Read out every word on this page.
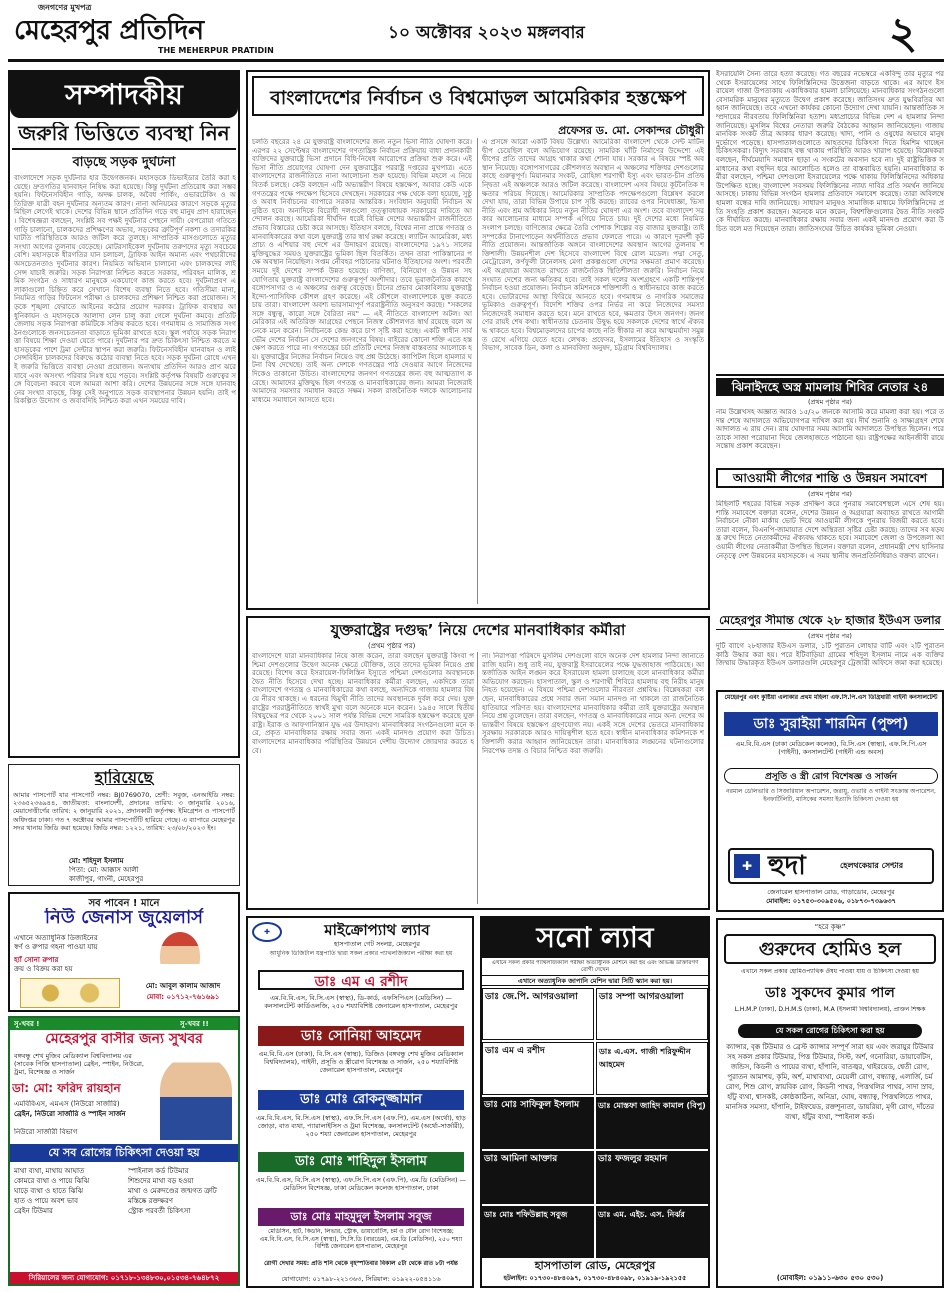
জনগণের মুখপত্র
মেহেরপুর প্রতিদিন
THE MEHERPUR PRATIDIN
১০ অক্টোবর ২০২৩ মঙ্গলবার	২
সম্পাদকীয়
জরুরি ভিত্তিতে ব্যবস্থা নিন
বাড়ছে সড়ক দুর্ঘটনা
বাংলাদেশে সড়ক দুর্ঘটনার হার উদ্বেগজনক। মহাসড়কে ডিভাইডার তৈরি করা হয়েছে। দ্রুতগতির যানবাহন নিষিদ্ধ করা হয়েছে। কিন্তু দুর্ঘটনা প্রতিরোধ করা সম্ভব হয়নি। ফিটনেসবিহীন গাড়ি, অদক্ষ চালক, অবৈধ পার্কিং, ওভারটেকিং ও অতিরিক্ত যাত্রী বহন দুর্ঘটনার অন্যতম কারণ। নানা অনিয়মের কারণে সড়কে মৃত্যুর মিছিল লেগেই থাকে। দেশের বিভিন্ন স্থানে প্রতিদিন গড়ে বহু মানুষ প্রাণ হারাচ্ছেন। বিশেষজ্ঞরা বলছেন, সংশ্লিষ্ট সব পক্ষই দুর্ঘটনার পেছনে দায়ী। বেপরোয়া গতিতে গাড়ি চালানো, চালকদের প্রশিক্ষণের অভাব, সড়কের ত্রুটিপূর্ণ নকশা ও তদারকির ঘাটতি পরিস্থিতিকে আরও জটিল করে তুলছে। সাম্প্রতিক মাসগুলোতে মৃত্যুর সংখ্যা আগের তুলনায় বেড়েছে। মোটরসাইকেল দুর্ঘটনায় তরুণদের মৃত্যু সবচেয়ে বেশি। মহাসড়কে ধীরগতির যান চলাচল, ট্রাফিক আইন অমান্য এবং পথচারীদের অসচেতনতাও দুর্ঘটনার কারণ। নিয়মিত অভিযান চালানো এবং চালকদের লাইসেন্স যাচাই জরুরি। সড়ক নিরাপত্তা নিশ্চিত করতে সরকার, পরিবহন মালিক, শ্রমিক সংগঠন ও সাধারণ মানুষকে একযোগে কাজ করতে হবে। দুর্ঘটনাপ্রবণ এলাকাগুলো চিহ্নিত করে সেখানে বিশেষ ব্যবস্থা নিতে হবে। গতিসীমা মানা, নিয়মিত গাড়ির ফিটনেস পরীক্ষা ও চালকদের প্রশিক্ষণ নিশ্চিত করা প্রয়োজন। সড়কে শৃঙ্খলা ফেরাতে আইনের কঠোর প্রয়োগ দরকার। ট্রাফিক ব্যবস্থার আধুনিকায়ন ও মহাসড়কে আলাদা লেন চালু করা গেলে দুর্ঘটনা কমবে। প্রতিটি জেলায় সড়ক নিরাপত্তা কমিটিকে সক্রিয় করতে হবে। গণমাধ্যম ও সামাজিক সংগঠনগুলোকে জনসচেতনতা বাড়াতে ভূমিকা রাখতে হবে। স্কুল পর্যায়ে সড়ক নিরাপত্তা বিষয়ে শিক্ষা দেওয়া যেতে পারে। দুর্ঘটনার পর দ্রুত চিকিৎসা নিশ্চিত করতে মহাসড়কের পাশে ট্রমা সেন্টার স্থাপন করা জরুরি। ফিটনেসবিহীন যানবাহন ও লাইসেন্সবিহীন চালকদের বিরুদ্ধে কঠোর ব্যবস্থা নিতে হবে। সড়ক দুর্ঘটনা রোধে এখনই জরুরি ভিত্তিতে ব্যবস্থা নেওয়া প্রয়োজন। অন্যথায় প্রতিদিন আরও প্রাণ ঝরে যাবে এবং অসংখ্য পরিবার নিঃস্ব হয়ে পড়বে। সংশ্লিষ্ট কর্তৃপক্ষ বিষয়টি গুরুত্বের সঙ্গে বিবেচনা করবে বলে আমরা আশা করি। দেশের উন্নয়নের সঙ্গে সঙ্গে যানবাহনের সংখ্যা বাড়ছে, কিন্তু সেই অনুপাতে সড়ক ব্যবস্থাপনার উন্নয়ন হয়নি। তাই পরিকল্পিত উদ্যোগ ও জবাবদিহি নিশ্চিত করা এখন সময়ের দাবি।
হারিয়েছে
আমার পাসপোর্ট যার পাসপোর্ট নম্বর: BJ0769070, শ্রেণী: সবুজ, এনআইডি নম্বর: ২৩৬৫২৩৬৯৪৪, জাতীয়তা: বাংলাদেশী, প্রদানের তারিখ: ৩ জানুয়ারি ২০১৬, মেয়াদোত্তীর্ণের তারিখ: ২ জানুয়ারি ২০২১, প্রদানকারী কর্তৃপক্ষ: ইমিগ্রেশন ও পাসপোর্ট অধিদপ্তর ঢাকা। গত ৭ অক্টোবর আমার পাসপোর্টটি হারিয়ে গেছে। এ ব্যাপারে মেহেরপুর সদর থানায় জিডি করা হয়েছে। জিডি নম্বর: ১২২১, তারিখ: ২৩/০৮/২০২৩ ইং।
মো: শহিদুল ইসলাম
পিতা: মো: আক্কাস আলী
কাজীপুর, গাংনী, মেহেরপুর
সব পাবেন ! মানে
নিউ জেনাস জুয়েলার্স
এখানে অত্যাধুনিক ডিজাইনের
স্বর্ণ ও রুপার গহনা পাওয়া যায়
হ্যাঁ সোনা রুপার
ক্রয় ও বিক্রয় করা হয়
মো: আবুল কালাম আজাদ
মোবা: ০১৭১২-৭৬১৬৯১
সু-খবর !	সু-খবর !!
মেহেরপুর বাসীর জন্য সুখবর
বঙ্গবন্ধু শেখ মুজিব মেডিক্যাল বিশ্ববিদ্যালয় এর (সাবেক পিজি হাসপাতাল) ব্রেইন, স্পাইন, নিউরো, ট্রমা, বিশেষজ্ঞ ও সার্জন
ডা: মো: ফরিদ রায়হান
এমবিবিএস, এমএস (নিউরো সার্জারি)
ব্রেইন, নিউরো সার্জারি ও স্পাইন সার্জন
নিউরো সার্জারী বিভাগ
যে সব রোগের চিকিৎসা দেওয়া হয়
মাথা ব্যথা, মাথায় আঘাত
কোমরে ব্যথা ও পায়ে ঝিঝি
ঘাড়ে ব্যথা ও হাতে ঝিঝি
হাত ও পায়ে অবশ ভাব
ব্রেইন টিউমার
স্পাইনাল কর্ড টিউমার
শিশুদের মাথা বড় হওয়া
মাথা ও মেরুদণ্ডের জন্মগত ত্রুটি
মস্তিষ্কে রক্তক্ষরণ
স্ট্রোক পরবর্তী চিকিৎসা
সিরিয়ালের জন্য যোগাযোগ: ০১৭১৮-১৩৪৮৩০,০১৫৩৪-৭৬৪৮৭২
বাংলাদেশের নির্বাচন ও বিশ্বমোড়ল আমেরিকার হস্তক্ষেপ
প্রফেসর ড. মো. সেকান্দর চৌধুরী
চলতি বছরের ২৪ মে যুক্তরাষ্ট্র বাংলাদেশের জন্য নতুন ভিসা নীতি ঘোষণা করে। এরপর ২২ সেপ্টেম্বর বাংলাদেশের গণতান্ত্রিক নির্বাচন প্রক্রিয়ায় বাধা প্রদানকারী ব্যক্তিদের যুক্তরাষ্ট্রে ভিসা প্রদানে বিধি-নিষেধ আরোপের প্রক্রিয়া শুরু করে। এই ভিসা নীতি প্রয়োগের ঘোষণা দেন যুক্তরাষ্ট্রের পররাষ্ট্র দপ্তরের মুখপাত্র। এতে বাংলাদেশের রাজনীতিতে নানা আলোচনা শুরু হয়েছে। বিভিন্ন মহলে এ নিয়ে বিতর্ক চলছে। কেউ বলছেন এটি অভ্যন্তরীণ বিষয়ে হস্তক্ষেপ, আবার কেউ একে গণতন্ত্রের পক্ষে পদক্ষেপ হিসেবে দেখছেন। সরকারের পক্ষ থেকে বলা হয়েছে, সুষ্ঠু ও অবাধ নির্বাচনের ব্যাপারে সরকার আন্তরিক। সংবিধান অনুযায়ী নির্বাচন অনুষ্ঠিত হবে। অন্যদিকে বিরোধী দলগুলো তত্ত্বাবধায়ক সরকারের দাবিতে আন্দোলন করছে। আমেরিকা দীর্ঘদিন ধরেই বিভিন্ন দেশের অভ্যন্তরীণ রাজনীতিতে প্রভাব বিস্তারের চেষ্টা করে আসছে। ইতিহাস বলছে, বিশ্বের নানা প্রান্তে গণতন্ত্র ও মানবাধিকারের কথা বলে যুক্তরাষ্ট্র তার স্বার্থ রক্ষা করেছে। ল্যাটিন আমেরিকা, মধ্যপ্রাচ্য ও এশিয়ার বহু দেশে এর উদাহরণ রয়েছে। বাংলাদেশের ১৯৭১ সালের মুক্তিযুদ্ধের সময়ও যুক্তরাষ্ট্রের ভূমিকা ছিল বিতর্কিত। তখন তারা পাকিস্তানের পক্ষে অবস্থান নিয়েছিল। সপ্তম নৌবহর পাঠানোর ঘটনাও ইতিহাসের অংশ। পরবর্তী সময়ে দুই দেশের সম্পর্ক উন্নত হয়েছে। বাণিজ্য, বিনিয়োগ ও উন্নয়ন সহযোগিতায় যুক্তরাষ্ট্র বাংলাদেশের গুরুত্বপূর্ণ অংশীদার। তবে ভূরাজনৈতিক কারণে বঙ্গোপসাগর ও এ অঞ্চলের গুরুত্ব বেড়েছে। চীনের প্রভাব মোকাবিলায় যুক্তরাষ্ট্র ইন্দো-প্যাসিফিক কৌশল গ্রহণ করেছে। এই কৌশলে বাংলাদেশকে যুক্ত করতে চায় তারা। বাংলাদেশ অবশ্য ভারসাম্যপূর্ণ পররাষ্ট্রনীতি অনুসরণ করছে। "সকলের সঙ্গে বন্ধুত্ব, কারো সঙ্গে বৈরিতা নয়" — এই নীতিতে বাংলাদেশ অটল। আমেরিকার এই অতিরিক্ত আগ্রহের পেছনে নিজস্ব কৌশলগত স্বার্থ রয়েছে বলে অনেকে মনে করেন। নির্বাচনকে কেন্দ্র করে চাপ সৃষ্টি করা হচ্ছে। একটি স্বাধীন সার্বভৌম দেশের নির্বাচন সে দেশের জনগণের বিষয়। বাইরের কোনো শক্তি এতে হস্তক্ষেপ করতে পারে না। গণতন্ত্রের চর্চা প্রতিটি দেশের নিজস্ব বাস্তবতার আলোকে হয়। যুক্তরাষ্ট্রের নিজের নির্বাচন নিয়েও বহু প্রশ্ন উঠেছে। ক্যাপিটল হিলে হামলার ঘটনা বিশ্ব দেখেছে। তাই অন্য দেশকে গণতন্ত্রের পাঠ দেওয়ার আগে নিজেদের দিকেও তাকানো উচিত। বাংলাদেশের জনগণ গণতন্ত্রের জন্য বহু আত্মত্যাগ করেছে। আমাদের মুক্তিযুদ্ধ ছিল গণতন্ত্র ও মানবাধিকারের জন্য। আমরা নিজেরাই আমাদের সমস্যার সমাধান করতে সক্ষম। সকল রাজনৈতিক দলকে আলোচনার মাধ্যমে সমাধানে আসতে হবে।
এ প্রসঙ্গে আরো একটি বিষয় উল্লেখ্য। আমেরিকা বাংলাদেশ থেকে সেন্ট মার্টিন দ্বীপ চেয়েছিল বলে অভিযোগ রয়েছে। সামরিক ঘাঁটি নির্মাণের উদ্দেশ্যে এই দ্বীপের প্রতি তাদের আগ্রহ থাকার কথা শোনা যায়। সরকার এ বিষয়ে স্পষ্ট অবস্থান নিয়েছে। বঙ্গোপসাগরের কৌশলগত অবস্থান এ অঞ্চলের শক্তিধর দেশগুলোর কাছে গুরুত্বপূর্ণ। মিয়ানমার সংকট, রোহিঙ্গা শরণার্থী ইস্যু এবং ভারত-চীন প্রতিদ্বন্দ্বিতা এই অঞ্চলকে আরও জটিল করেছে। বাংলাদেশ এসব বিষয়ে কূটনৈতিক দক্ষতার পরিচয় দিয়েছে। আমেরিকার সাম্প্রতিক পদক্ষেপগুলো বিশ্লেষণ করলে দেখা যায়, তারা বিভিন্ন উপায়ে চাপ সৃষ্টি করছে। র‍্যাবের ওপর নিষেধাজ্ঞা, ভিসা নীতি এবং শ্রম অধিকার নিয়ে নতুন নীতির ঘোষণা এর অংশ। তবে বাংলাদেশ সরকার আলোচনার মাধ্যমে সম্পর্ক এগিয়ে নিতে চায়। দুই দেশের মধ্যে নিয়মিত সংলাপ চলছে। বাণিজ্যের ক্ষেত্রে তৈরি পোশাক শিল্পের বড় বাজার যুক্তরাষ্ট্র। তাই সম্পর্কের টানাপোড়েন অর্থনীতিতে প্রভাব ফেলতে পারে। এ কারণে দূরদর্শী কূটনীতি প্রয়োজন। আন্তর্জাতিক অঙ্গনে বাংলাদেশের অবস্থান আগের তুলনায় শক্তিশালী। উন্নয়নশীল দেশ হিসেবে বাংলাদেশ বিশ্বে রোল মডেল। পদ্মা সেতু, মেট্রোরেল, কর্ণফুলী টানেলসহ মেগা প্রকল্পগুলো দেশের সক্ষমতা প্রমাণ করেছে। এই অগ্রযাত্রা অব্যাহত রাখতে রাজনৈতিক স্থিতিশীলতা জরুরি। নির্বাচন নিয়ে সংঘাত দেশের জন্য ক্ষতিকর হবে। তাই সকল দলের অংশগ্রহণে একটি শান্তিপূর্ণ নির্বাচন হওয়া প্রয়োজন। নির্বাচন কমিশনকে শক্তিশালী ও স্বাধীনভাবে কাজ করতে হবে। ভোটারদের আস্থা ফিরিয়ে আনতে হবে। গণমাধ্যম ও নাগরিক সমাজের ভূমিকাও গুরুত্বপূর্ণ। বিদেশি শক্তির ওপর নির্ভর না করে নিজেদের সমস্যা নিজেদেরই সমাধান করতে হবে। মনে রাখতে হবে, ক্ষমতার উৎস জনগণ। জনগণের রায়ই শেষ কথা। স্বাধীনতার চেতনায় উদ্বুদ্ধ হয়ে সকলকে দেশের স্বার্থে ঐক্যবদ্ধ থাকতে হবে। বিশ্বমোড়লদের চাপের কাছে নতি স্বীকার না করে আত্মমর্যাদা সমুন্নত রেখে এগিয়ে যেতে হবে। লেখক: প্রফেসর, ইসলামের ইতিহাস ও সংস্কৃতি বিভাগ, সাবেক ডিন, কলা ও মানববিদ্যা অনুষদ, চট্টগ্রাম বিশ্ববিদ্যালয়।
যুক্তরাষ্ট্রের দগুদ্ধ’ নিয়ে দেশের মানবাধিকার কর্মীরা
(প্রথম পৃষ্ঠার পর)
বাংলাদেশে যারা মানবাধিকার নিয়ে কাজ করেন, তারা বলছেন যুক্তরাষ্ট্র কিংবা পশ্চিমা দেশগুলোর উদ্বেগ অনেক ক্ষেত্রে যৌক্তিক, তবে তাদের ভূমিকা নিয়েও প্রশ্ন রয়েছে। বিশেষ করে ইসরায়েল-ফিলিস্তিন ইস্যুতে পশ্চিমা দেশগুলোর অবস্থানকে দ্বৈত নীতি হিসেবে দেখা হচ্ছে। মানবাধিকার কর্মীরা বলছেন, একদিকে তারা বাংলাদেশে গণতন্ত্র ও মানবাধিকারের কথা বলছে, অন্যদিকে গাজায় হামলার বিষয়ে নীরব থাকছে। এ ধরনের দ্বিমুখী নীতি তাদের অবস্থানকে দুর্বল করে দেয়। যুক্তরাষ্ট্রের পররাষ্ট্রনীতিতে স্বার্থই মুখ্য বলে অনেকে মনে করেন। ১৯৪৫ সালে দ্বিতীয় বিশ্বযুদ্ধের পর থেকে ২০০১ সাল পর্যন্ত বিভিন্ন দেশে সামরিক হস্তক্ষেপ করেছে যুক্তরাষ্ট্র। ইরাক ও আফগানিস্তান যুদ্ধ এর উদাহরণ। মানবাধিকার সংগঠনগুলো মনে করে, প্রকৃত মানবাধিকার রক্ষায় সবার জন্য একই মানদণ্ড প্রয়োগ করা উচিত। বাংলাদেশের মানবাধিকার পরিস্থিতির উন্নয়নে দেশীয় উদ্যোগ জোরদার করতে হবে।
না। নিরাপত্তা পরিষদে মুসলিম দেশগুলো বাদে অনেক দেশ হামলার নিন্দা জানাতে রাজি হয়নি। শুধু তাই নয়, যুক্তরাষ্ট্র ইসরায়েলের পক্ষে যুদ্ধজাহাজ পাঠিয়েছে। আন্তর্জাতিক আইন লঙ্ঘন করে ইসরায়েল হামলা চালাচ্ছে বলে মানবাধিকার কর্মীরা অভিযোগ করছেন। হাসপাতাল, স্কুল ও শরণার্থী শিবিরে হামলায় বহু নিরীহ মানুষ নিহত হয়েছেন। এ বিষয়ে পশ্চিমা দেশগুলোর নীরবতা প্রশ্নবিদ্ধ। বিশ্লেষকরা বলছেন, মানবাধিকারের প্রশ্নে সবার জন্য সমান মানদণ্ড না থাকলে তা রাজনৈতিক হাতিয়ারে পরিণত হয়। বাংলাদেশের মানবাধিকার কর্মীরা তাই যুক্তরাষ্ট্রের অবস্থান নিয়ে প্রশ্ন তুলেছেন। তারা বলছেন, গণতন্ত্র ও মানবাধিকারের নামে অন্য দেশের অভ্যন্তরীণ বিষয়ে হস্তক্ষেপ গ্রহণযোগ্য নয়। একই সঙ্গে দেশের ভেতরে মানবাধিকার সুরক্ষায় সরকারকে আরও দায়িত্বশীল হতে হবে। স্বাধীন মানবাধিকার কমিশনকে শক্তিশালী করার আহ্বান জানিয়েছেন তারা। মানবাধিকার লঙ্ঘনের ঘটনাগুলোর নিরপেক্ষ তদন্ত ও বিচার নিশ্চিত করা জরুরি।
✚	মাইক্রোপ্যাথ ল্যাব
হাসপাতাল গেট সংলগ্ন, মেহেরপুর
আধুনিক ডিজিটাল যন্ত্রপাতি দ্বারা সকল প্রকার প্যাথলজিক্যাল পরীক্ষা করা হয়
ডাঃ এম এ রশীদ
এম.বি.বি.এস, বি.সি.এস (স্বাস্থ্য), ডি-কার্ড, এফসিপিএস (মেডিসিন) — কনসালটেন্ট কার্ডিওলজি, ২৫০ শয্যাবিশিষ্ট জেনারেল হাসপাতাল, মেহেরপুর
ডাঃ সোনিয়া আহমেদ
এম.বি.বি.এস (ঢাকা), বি.সি.এস (স্বাস্থ্য), ডিজিও (বঙ্গবন্ধু শেখ মুজিব মেডিক্যাল বিশ্ববিদ্যালয়), গাইনী, প্রসূতি ও স্ত্রীরোগ বিশেষজ্ঞ ও সার্জন, ২৫০ শয্যাবিশিষ্ট জেনারেল হাসপাতাল, মেহেরপুর
ডাঃ মোঃ রোকনুজ্জামান
এম.বি.বি.এস, বি.সি.এস (স্বাস্থ্য), এফ.সি.পি.এস (এফ.পি), এম.এস (অর্থো), হাড় জোড়া, বাত ব্যথা, প্যারালাইসিস ও ট্রমা বিশেষজ্ঞ, কনসালটেন্ট (অর্থো-সার্জারী), ২৫০ শয্যা জেনারেল হাসপাতাল, মেহেরপুর
ডাঃ মোঃ শাহিদুল ইসলাম
এম.বি.বি.এস, বি.সি.এস (স্বাস্থ্য), এফ.সি.পি.এস (এফ.পি), এম.ডি (মেডিসিন) — মেডিসিন বিশেষজ্ঞ, ঢাকা মেডিকেল কলেজ হাসপাতাল, ঢাকা
ডাঃ মোঃ মাহমুদুল ইসলাম সবুজ
মেডিসিন, হার্ট, কিডনি, লিভার, স্ট্রোক, ডায়াবেটিস, চর্ম ও যৌন রোগ বিশেষজ্ঞ; এম.বি.বি.এস, বি.সি.এস (স্বাস্থ্য), সি.সি.ডি (বারডেম), এম.ডি (মেডিসিন), ২৫০ শয্যা বিশিষ্ট জেনারেল হাসপাতাল, মেহেরপুর
রোগী দেখার সময়: প্রতি শনি থেকে বৃহস্পতিবার বিকাল ৫টা থেকে রাত ৮টা পর্যন্ত
যোগাযোগ: ০১৭৯৮-২২১৩৬৩, সিরিয়াল: ০১৯২২-০৫৪১১৬
সনো ল্যাব
এখানে সকল প্রকার প্যাথলজিক্যাল পরীক্ষা অত্যাধুনিক মেশিনে করা হয় এবং অভিজ্ঞ ডাক্তারগণ রোগী দেখেন
এখানে অত্যাধুনিক জাপানি মেশিন দ্বারা সিটি স্ক্যান করা হয়।
ডাঃ জে.পি. আগরওয়ালা	ডাঃ সম্পা আগরওয়ালা
ডাঃ এম এ রশীদ	ডাঃ এ.এস. গাজী শরিফুদ্দীন আহমেদ
ডাঃ মোঃ সাফিকুল ইসলাম	ডাঃ মোস্তফা জাহিদ কামাল (বিপু)
ডাঃ আমিনা আক্তার	ডাঃ ফজলুর রহমান
ডাঃ মোঃ শফিউল্লাহ সবুজ	ডাঃ এম. এইচ. এস. নির্ঝর
হাসপাতাল রোড, মেহেরপুর
হটলাইন: ০১৭৩০-৪৮৪০৯৭, ০১৭৩০-৪৮৪০৯৮, ০১৯১৯-১৯২১৫৫
ইসরায়েলি সৈন্য তারে হত্যা করেছে। গত বছরের নভেম্বরে একবিন্দু তার মৃত্যুর পর থেকে ইসরায়েলের সাথে ফিলিস্তিনিদের উত্তেজনা বাড়তে থাকে। এর আগে ইসরায়েল গাজা উপত্যকায় একাধিকবার হামলা চালিয়েছে। মানবাধিকার সংগঠনগুলো বেসামরিক মানুষের মৃত্যুতে উদ্বেগ প্রকাশ করেছে। জাতিসংঘ দ্রুত যুদ্ধবিরতির আহ্বান জানিয়েছে। তবে এখনো কার্যকর কোনো উদ্যোগ দেখা যায়নি। আন্তর্জাতিক সম্প্রদায়ের নীরবতায় ফিলিস্তিনিরা হতাশ। মধ্যপ্রাচ্যের বিভিন্ন দেশ এ হামলার নিন্দা জানিয়েছে। মুসলিম বিশ্বের নেতারা জরুরি বৈঠকের আহ্বান জানিয়েছেন। গাজায় মানবিক সংকট তীব্র আকার ধারণ করেছে। খাদ্য, পানি ও ওষুধের অভাবে মানুষ দুর্ভোগে পড়েছে। হাসপাতালগুলোতে আহতদের চিকিৎসা দিতে হিমশিম খাচ্ছেন চিকিৎসকরা। বিদ্যুৎ সরবরাহ বন্ধ থাকায় পরিস্থিতি আরও খারাপ হয়েছে। বিশ্লেষকরা বলছেন, দীর্ঘমেয়াদি সমাধান ছাড়া এ সংকটের অবসান হবে না। দুই রাষ্ট্রভিত্তিক সমাধানের কথা বহুদিন ধরে আলোচিত হলেও তা বাস্তবায়িত হয়নি। মানবাধিকার কর্মীরা বলছেন, পশ্চিমা দেশগুলো ইসরায়েলের পক্ষে থাকায় ফিলিস্তিনিদের অধিকার উপেক্ষিত হচ্ছে। বাংলাদেশ সবসময় ফিলিস্তিনের ন্যায্য দাবির প্রতি সমর্থন জানিয়ে আসছে। ঢাকায় বিভিন্ন সংগঠন হামলার প্রতিবাদে সমাবেশ করেছে। তারা অবিলম্বে হামলা বন্ধের দাবি জানিয়েছে। সাধারণ মানুষও সামাজিক মাধ্যমে ফিলিস্তিনিদের প্রতি সংহতি প্রকাশ করছেন। অনেকে মনে করেন, বিশ্বশক্তিগুলোর দ্বৈত নীতি সংকটকে দীর্ঘায়িত করছে। মানবাধিকার রক্ষায় সবার জন্য একই মানদণ্ড প্রয়োগ করা উচিত বলে মত দিয়েছেন তারা। জাতিসংঘের উচিত কার্যকর ভূমিকা নেওয়া।
ঝিনাইদহে অস্ত্র মামলায় শিবির নেতার ২৪
(প্রথম পৃষ্ঠার পর)
নাম উল্লেখসহ অজ্ঞাত আরও ১৫/২০ জনকে আসামি করে মামলা করা হয়। পরে তদন্ত শেষে আদালতে অভিযোগপত্র দাখিল করা হয়। দীর্ঘ শুনানি ও সাক্ষ্যগ্রহণ শেষে আদালত এ রায় দেন। রায় ঘোষণার সময় আসামি আদালতে উপস্থিত ছিলেন। পরে তাকে সাজা পরোয়ানা দিয়ে জেলহাজতে পাঠানো হয়। রাষ্ট্রপক্ষের আইনজীবী রায়ে সন্তোষ প্রকাশ করেছেন।
আওয়ামী লীগের শান্তি ও উন্নয়ন সমাবেশ
(প্রথম পৃষ্ঠার পর)
মিছিলটি শহরের বিভিন্ন সড়ক প্রদক্ষিণ করে পুনরায় সমাবেশস্থলে এসে শেষ হয়। শান্তি সমাবেশে বক্তারা বলেন, দেশের উন্নয়ন ও অগ্রযাত্রা অব্যাহত রাখতে আগামী নির্বাচনে নৌকা মার্কায় ভোট দিয়ে আওয়ামী লীগকে পুনরায় বিজয়ী করতে হবে। তারা বলেন, বিএনপি-জামায়াত দেশে অস্থিরতা সৃষ্টির চেষ্টা করছে। তাদের সব ষড়যন্ত্র রুখে দিতে নেতাকর্মীদের ঐক্যবদ্ধ থাকতে হবে। সমাবেশে জেলা ও উপজেলা আওয়ামী লীগের নেতাকর্মীরা উপস্থিত ছিলেন। বক্তারা বলেন, প্রধানমন্ত্রী শেখ হাসিনার নেতৃত্বে দেশ উন্নয়নের মহাসড়কে। এ সময় স্থানীয় জনপ্রতিনিধিরাও বক্তব্য রাখেন।
মেহেরপুর সীমান্ত থেকে ২৮ হাজার ইউএস ডলার
(প্রথম পৃষ্ঠার পর)
দুটি ব্যাগে ২৮হাজার ইউএস ডলার, ১টি পুরাতন লোহার বাটি এবং ২টি পুরাতন কাঠি উদ্ধার করা হয়। পরে ইটিবাড়িয়া গ্রামের শহিদুল ইসলাম নামে এক ব্যক্তির জিম্মায় উদ্ধারকৃত ইউএস ডলারগুলি মেহেরপুর ট্রেজারী অফিসে জমা করা হয়েছে।
মেহেরপুর এবং কুষ্টিয়া এলাকার প্রথম মহিলা এফ.সি.পি.এস ডিগ্রিধারী গাইনী কনসালটেন্ট
ডাঃ সুরাইয়া শারমিন (পুষ্প)
এম.বি.বি.এস (ঢাকা মেডিকেল কলেজ), বি.সি.এস (স্বাস্থ্য), এফ.সি.পি.এস (গাইনী), কনসালটেন্ট (গাইনী এন্ড অবস)
প্রসূতি ও স্ত্রী রোগ বিশেষজ্ঞ ও সার্জন
নরমাল ডেলিভারি ও সিজারিয়ান অপারেশন, জরায়ু, ওভারি ও গাইনী সংক্রান্ত অপারেশন, ইনফার্টিলিটি, মাসিকের সমস্যা ইত্যাদি চিকিৎসা দেওয়া হয়
✚ হুদা	হেলথকেয়ার সেন্টার
জেনারেল হাসপাতাল রোড, গাড়াডোব, মেহেরপুর
মোবাইল: ০১৭৫৩-৩০৯৫০৬, ০১৮৭৩-৭৩৯৬৩৭
“হরে কৃষ্ণ”
গুরুদেব হোমিও হল
এখানে সকল প্রকার হোমিওপ্যাথিক ঔষধ পাওয়া যায় ও চিকিৎসা দেওয়া হয়
ডাঃ সুকদেব কুমার পাল
L.H.M.P (ঢাকা), D.H.M.S (ঢাকা), M.A (ইসলামী বিশ্ববিদ্যালয়), প্রাক্তন শিক্ষক
যে সকল রোগের চিকিৎসা করা হয়
ক্যান্সার, বৃক্ক টিউমার ও ব্রেস্ট ক্যান্সার সম্পূর্ণ সারা হয় এবং জরায়ুর টিউমার সহ সকল প্রকার টিউমার, পিত্ত টিউমার, সিস্ট, অর্শ, গনোরিয়া, ডায়াবেটিস, জন্ডিস, কিডনী ও পায়ের ব্যথা, হাঁপানি, বাতজ্বর, থাইরয়েড, শ্বেতী রোগ, পুরাতন আমাশয়, কৃমি, অর্শ, মাথাব্যথা, মেয়েলী রোগ, বন্ধ্যাত্ব, এলার্জি, চর্ম রোগ, শিশু রোগ, স্নায়বিক রোগ, কিডনী পাথর, পিত্তথলির পাথর, সাদা স্রাব, হাঁটু ব্যথা, শ্বাসকষ্ট, কোষ্ঠকাঠিন্য, অনিদ্রা, ঘোষ, বন্ধ্যাত্ব, পিত্তথলিতে পাথর, মানসিক সমস্যা, হাঁপানি, টাইফয়েড, রক্তশূন্যতা, ডায়রিয়া, মৃগী রোগ, দাঁতের ব্যথা, হাঁটুর ব্যথা, স্পাইনাল কর্ড।
(মোবাইল: ০১৯১১-৬৩০ ৫৩০ ৫৩০)
